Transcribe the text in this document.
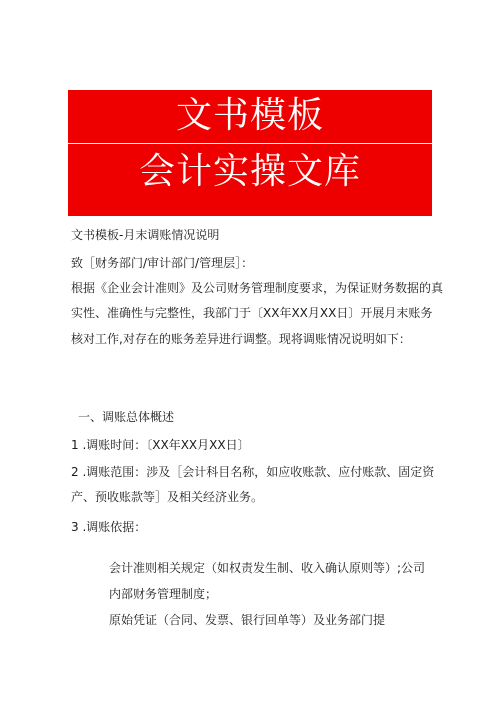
文书模板
会计实操文库

文书模板-月末调账情况说明

致［财务部门/审计部门/管理层］：

根据《企业会计准则》及公司财务管理制度要求，为保证财务数据的真

实性、准确性与完整性，我部门于〔XX年XX月XX日〕开展月末账务

核对工作,对存在的账务差异进行调整。现将调账情况说明如下：

一、调账总体概述

1 .调账时间：〔XX年XX月XX日〕

2 .调账范围：涉及［会计科目名称，如应收账款、应付账款、固定资

产、预收账款等］及相关经济业务。

3 .调账依据：

会计准则相关规定（如权责发生制、收入确认原则等）;公司

内部财务管理制度；

原始凭证（合同、发票、银行回单等）及业务部门提
